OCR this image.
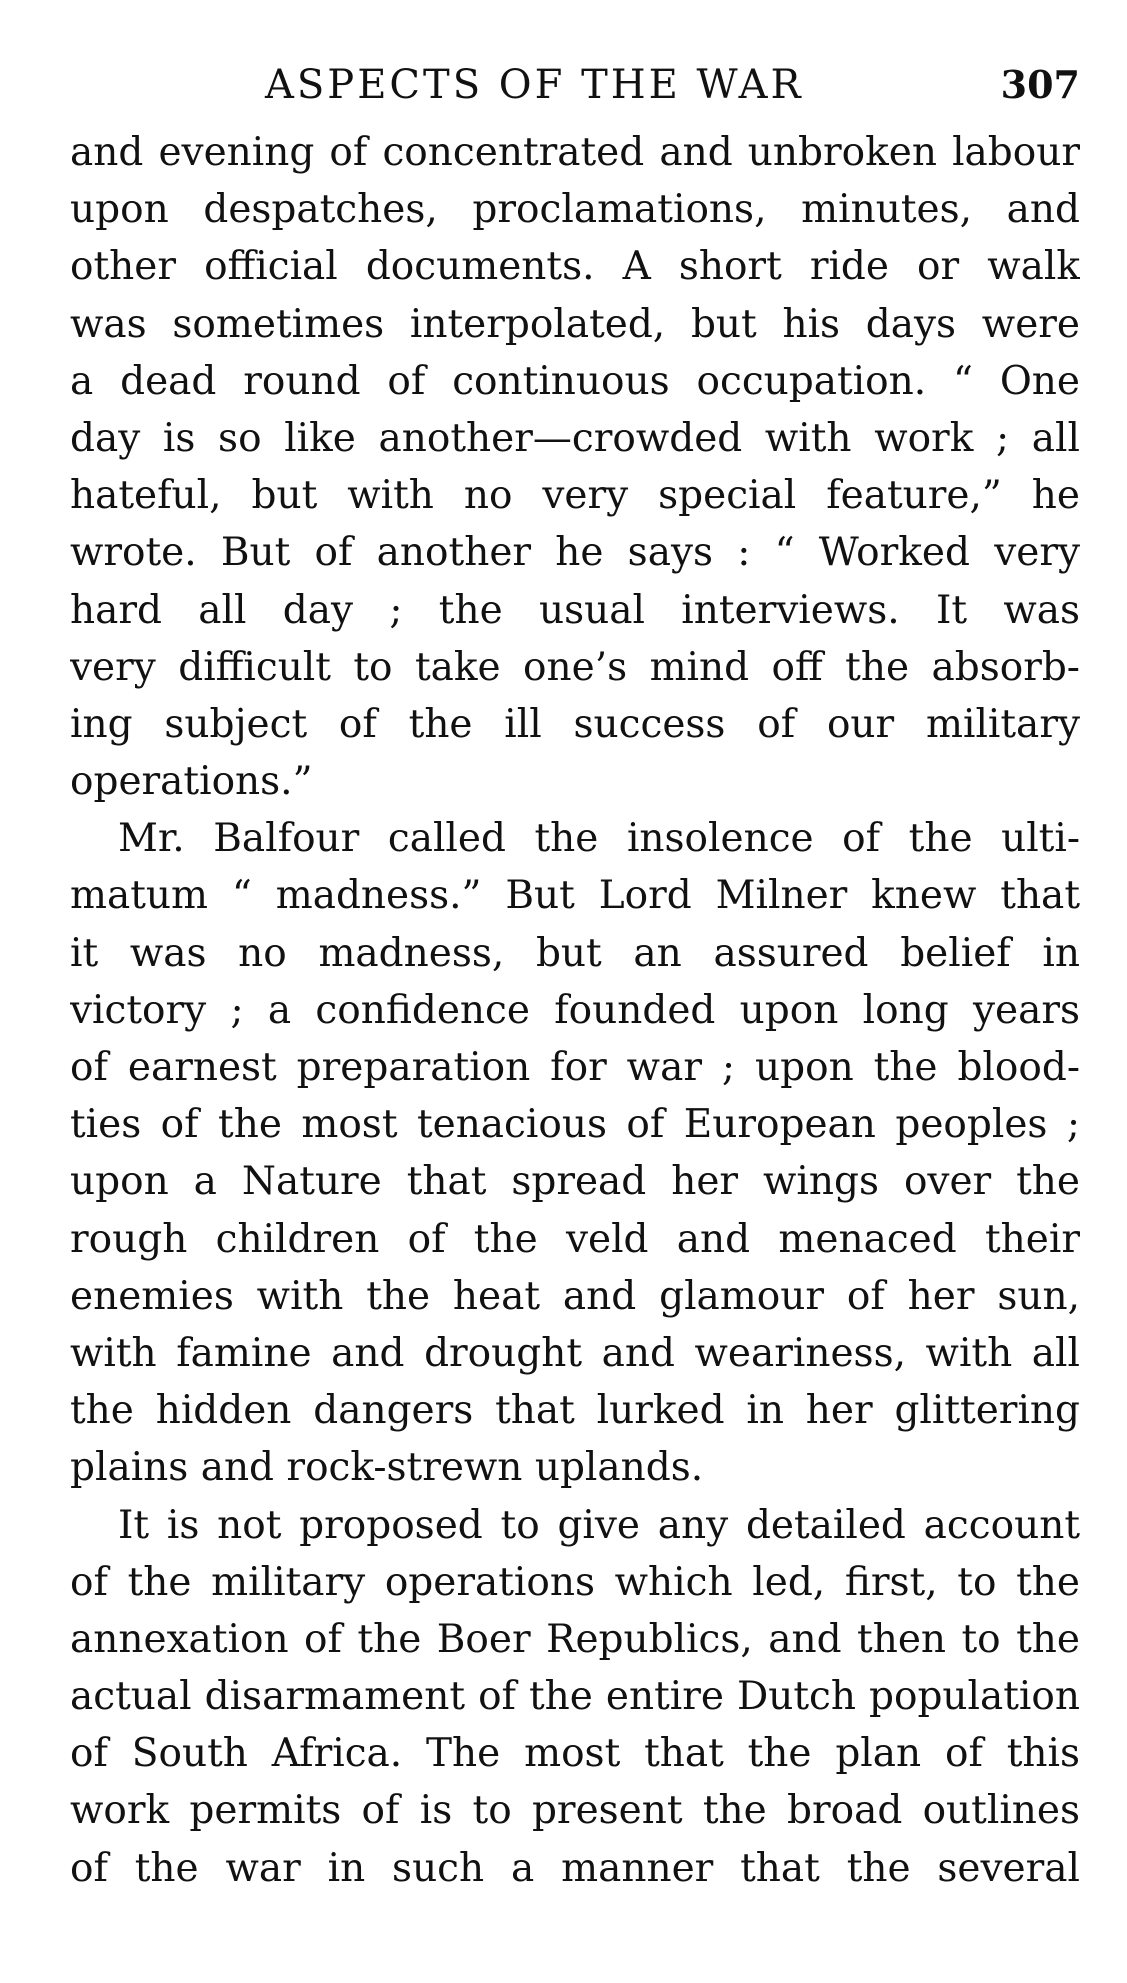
ASPECTS OF THE WAR	307
and evening of concentrated and unbroken labour
upon despatches, proclamations, minutes, and
other official documents. A short ride or walk
was sometimes interpolated, but his days were
a dead round of continuous occupation. “ One
day is so like another—crowded with work ; all
hateful, but with no very special feature,” he
wrote. But of another he says : “ Worked very
hard all day ; the usual interviews. It was
very difficult to take one’s mind off the absorb-
ing subject of the ill success of our military
operations.”
Mr. Balfour called the insolence of the ulti-
matum “ madness.” But Lord Milner knew that
it was no madness, but an assured belief in
victory ; a confidence founded upon long years
of earnest preparation for war ; upon the blood-
ties of the most tenacious of European peoples ;
upon a Nature that spread her wings over the
rough children of the veld and menaced their
enemies with the heat and glamour of her sun,
with famine and drought and weariness, with all
the hidden dangers that lurked in her glittering
plains and rock-strewn uplands.
It is not proposed to give any detailed account
of the military operations which led, first, to the
annexation of the Boer Republics, and then to the
actual disarmament of the entire Dutch population
of South Africa. The most that the plan of this
work permits of is to present the broad outlines
of the war in such a manner that the several
